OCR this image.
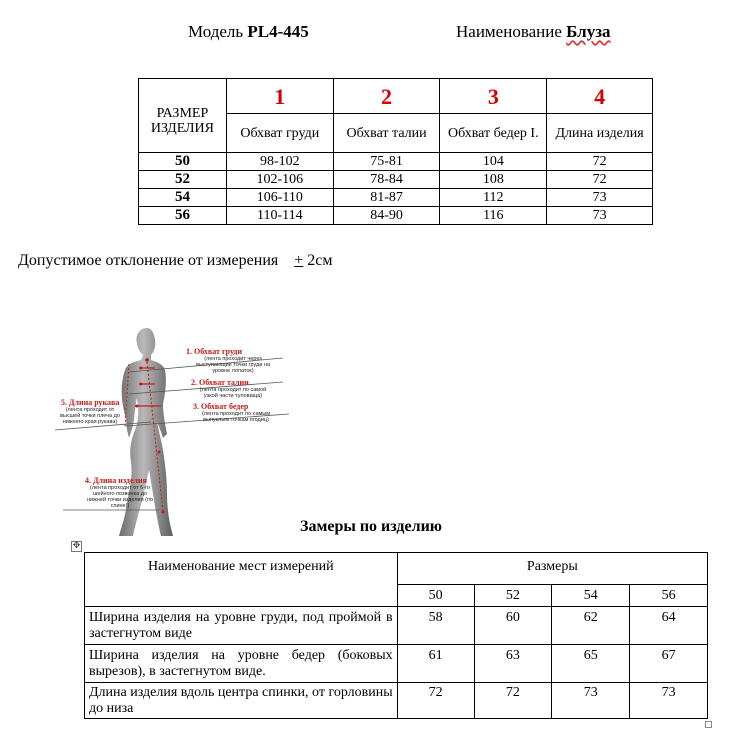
Модель PL4-445	Наименование Блуза
РАЗМЕР ИЗДЕЛИЯ	1	2	3	4
	Обхват груди	Обхват талии	Обхват бедер I.	Длина изделия
50	98-102	75-81	104	72
52	102-106	78-84	108	72
54	106-110	81-87	112	73
56	110-114	84-90	116	73
Допустимое отклонение от измерения + 2см
1. Обхват груди
(лента проходит через выступающие точки груди на уровне лопаток)
2. Обхват талии
(лента проходит по самой узкой части туловища)
3. Обхват бедер
(лента проходит по самым выпуклым точкам ягодиц)
5. Длина рукава
(лента проходит от высшей точки плеча до нижнего края рукава)
4. Длина изделия
(лента проходит от 6-го шейного позвонка до нижней точки изделия (по спине))
Замеры по изделию
✥
Наименование мест измерений	Размеры			
	50	52	54	56
Ширина изделия на уровне груди, под проймой в застегнутом виде	58	60	62	64
Ширина изделия на уровне бедер (боковых вырезов), в застегнутом виде.	61	63	65	67
Длина изделия вдоль центра спинки, от горловины до низа	72	72	73	73
